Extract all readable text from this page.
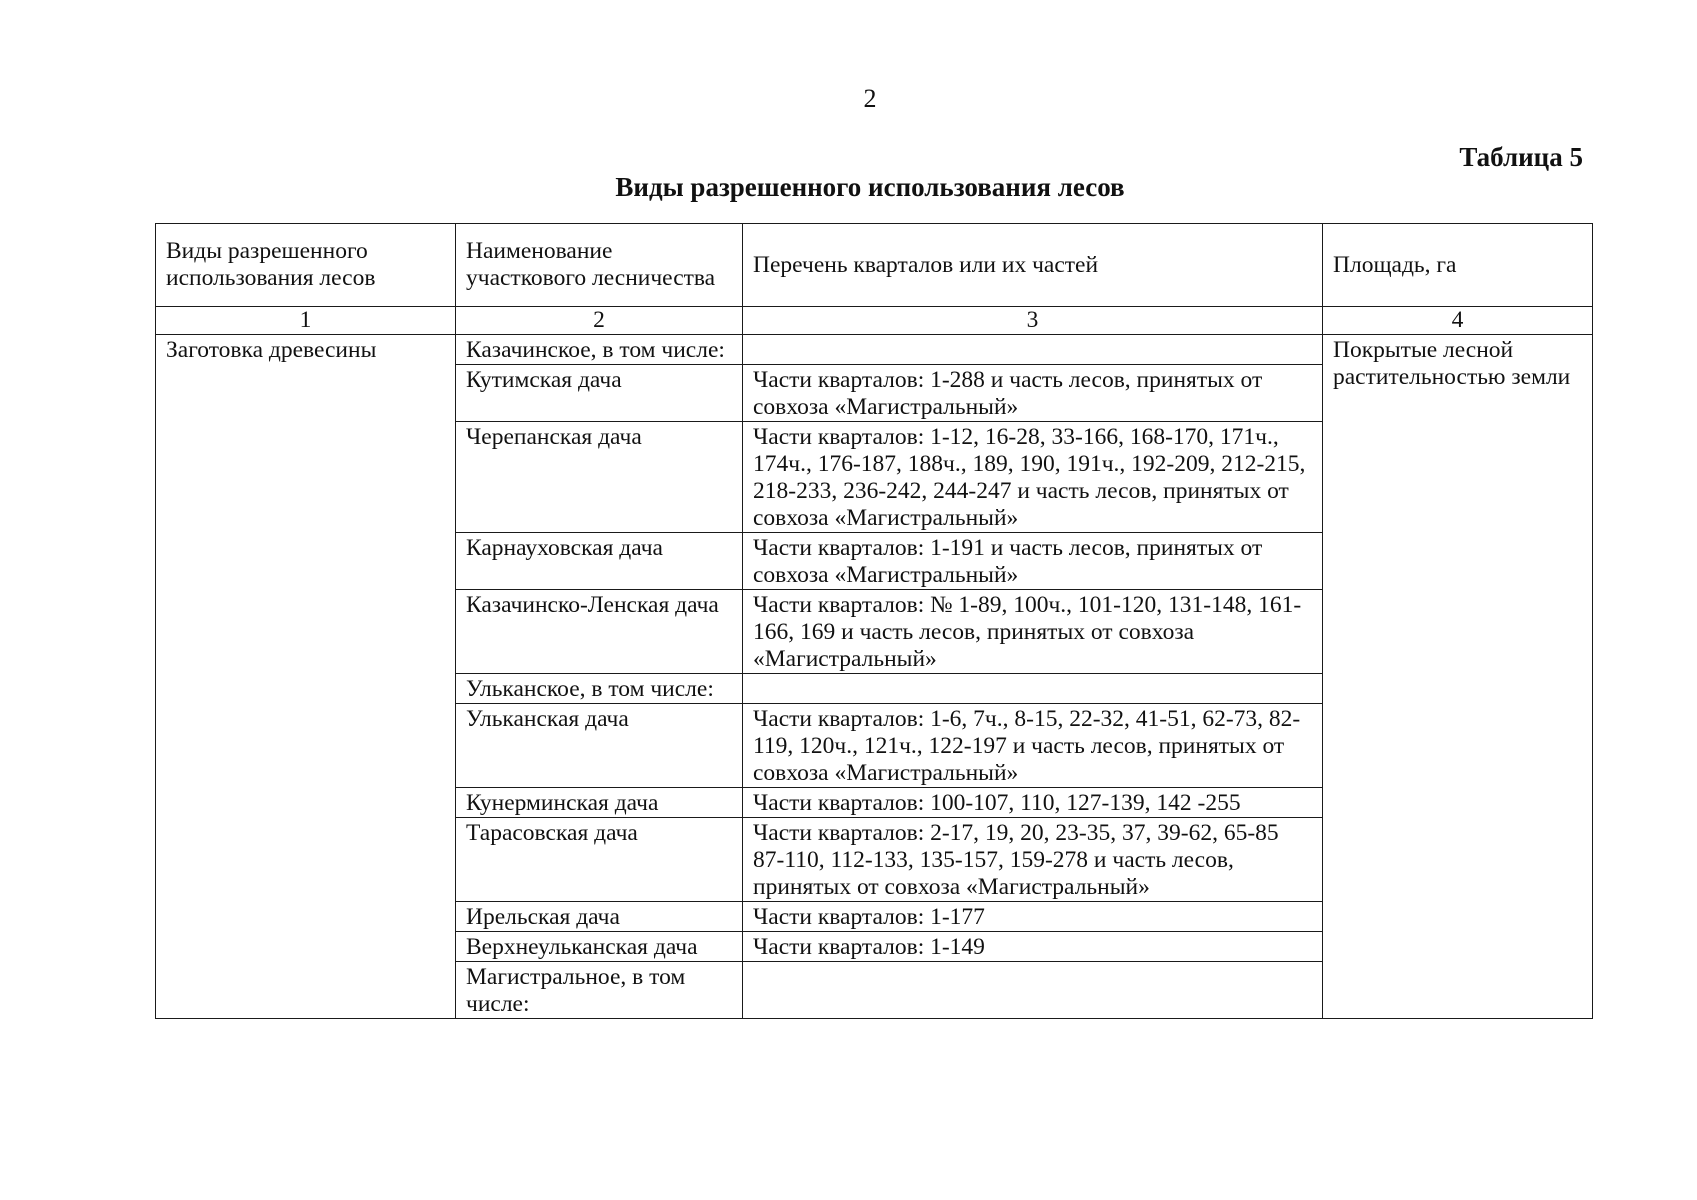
2
Таблица 5
Виды разрешенного использования лесов
Виды разрешенного использования лесов	Наименование участкового лесничества	Перечень кварталов или их частей	Площадь, га
1	2	3	4
Заготовка древесины	Казачинское, в том числе:		Покрытые лесной растительностью земли
	Кутимская дача	Части кварталов: 1-288 и часть лесов, принятых от совхоза «Магистральный»	
	Черепанская дача	Части кварталов: 1-12, 16-28, 33-166, 168-170, 171ч., 174ч., 176-187, 188ч., 189, 190, 191ч., 192-209, 212-215, 218-233, 236-242, 244-247 и часть лесов, принятых от совхоза «Магистральный»	
	Карнауховская дача	Части кварталов: 1-191 и часть лесов, принятых от совхоза «Магистральный»	
	Казачинско-Ленская дача	Части кварталов: № 1-89, 100ч., 101-120, 131-148, 161-166, 169 и часть лесов, принятых от совхоза «Магистральный»	
	Ульканское, в том числе:		
	Ульканская дача	Части кварталов: 1-6, 7ч., 8-15, 22-32, 41-51, 62-73, 82-119, 120ч., 121ч., 122-197 и часть лесов, принятых от совхоза «Магистральный»	
	Кунерминская дача	Части кварталов: 100-107, 110, 127-139, 142 -255	
	Тарасовская дача	Части кварталов: 2-17, 19, 20, 23-35, 37, 39-62, 65-85 87-110, 112-133, 135-157, 159-278 и часть лесов, принятых от совхоза «Магистральный»	
	Ирельская дача	Части кварталов: 1-177	
	Верхнеульканская дача	Части кварталов: 1-149	
	Магистральное, в том числе:		
